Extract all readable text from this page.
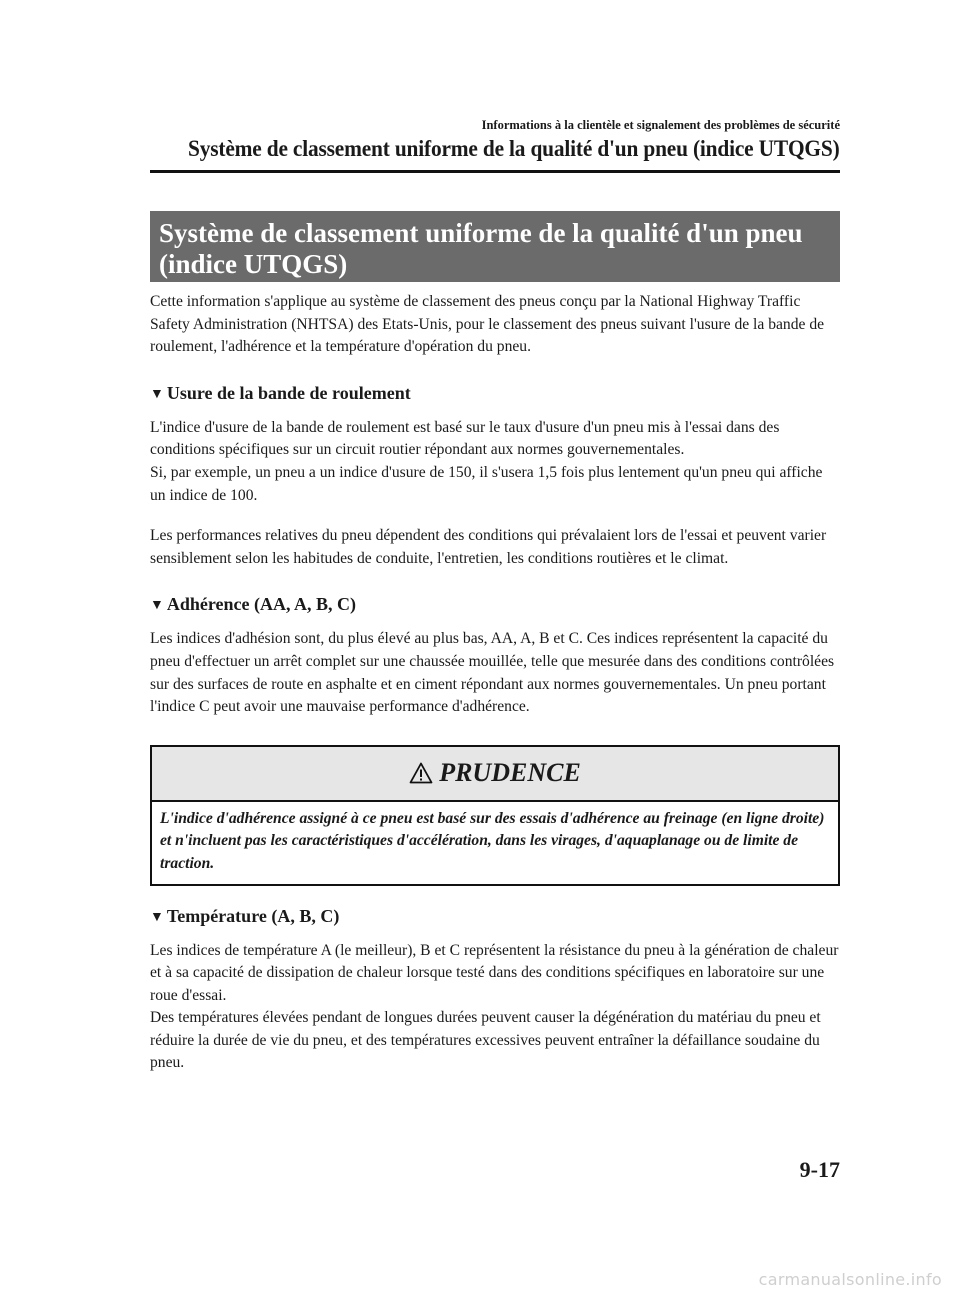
Informations à la clientèle et signalement des problèmes de sécurité
Système de classement uniforme de la qualité d'un pneu (indice UTQGS)
Système de classement uniforme de la qualité d'un pneu
(indice UTQGS)

Cette information s'applique au système de classement des pneus conçu par la National Highway Traffic Safety Administration (NHTSA) des Etats-Unis, pour le classement des pneus suivant l'usure de la bande de roulement, l'adhérence et la température d'opération du pneu.

▼ Usure de la bande de roulement

L'indice d'usure de la bande de roulement est basé sur le taux d'usure d'un pneu mis à l'essai dans des conditions spécifiques sur un circuit routier répondant aux normes gouvernementales.

Si, par exemple, un pneu a un indice d'usure de 150, il s'usera 1,5 fois plus lentement qu'un pneu qui affiche un indice de 100.

Les performances relatives du pneu dépendent des conditions qui prévalaient lors de l'essai et peuvent varier sensiblement selon les habitudes de conduite, l'entretien, les conditions routières et le climat.

▼ Adhérence (AA, A, B, C)

Les indices d'adhésion sont, du plus élevé au plus bas, AA, A, B et C. Ces indices représentent la capacité du pneu d'effectuer un arrêt complet sur une chaussée mouillée, telle que mesurée dans des conditions contrôlées sur des surfaces de route en asphalte et en ciment répondant aux normes gouvernementales. Un pneu portant l'indice C peut avoir une mauvaise performance d'adhérence.

PRUDENCE
L'indice d'adhérence assigné à ce pneu est basé sur des essais d'adhérence au freinage (en ligne droite) et n'incluent pas les caractéristiques d'accélération, dans les virages, d'aquaplanage ou de limite de traction.
▼ Température (A, B, C)

Les indices de température A (le meilleur), B et C représentent la résistance du pneu à la génération de chaleur et à sa capacité de dissipation de chaleur lorsque testé dans des conditions spécifiques en laboratoire sur une roue d'essai.

Des températures élevées pendant de longues durées peuvent causer la dégénération du matériau du pneu et réduire la durée de vie du pneu, et des températures excessives peuvent entraîner la défaillance soudaine du pneu.

9-17
carmanualsonline.info
